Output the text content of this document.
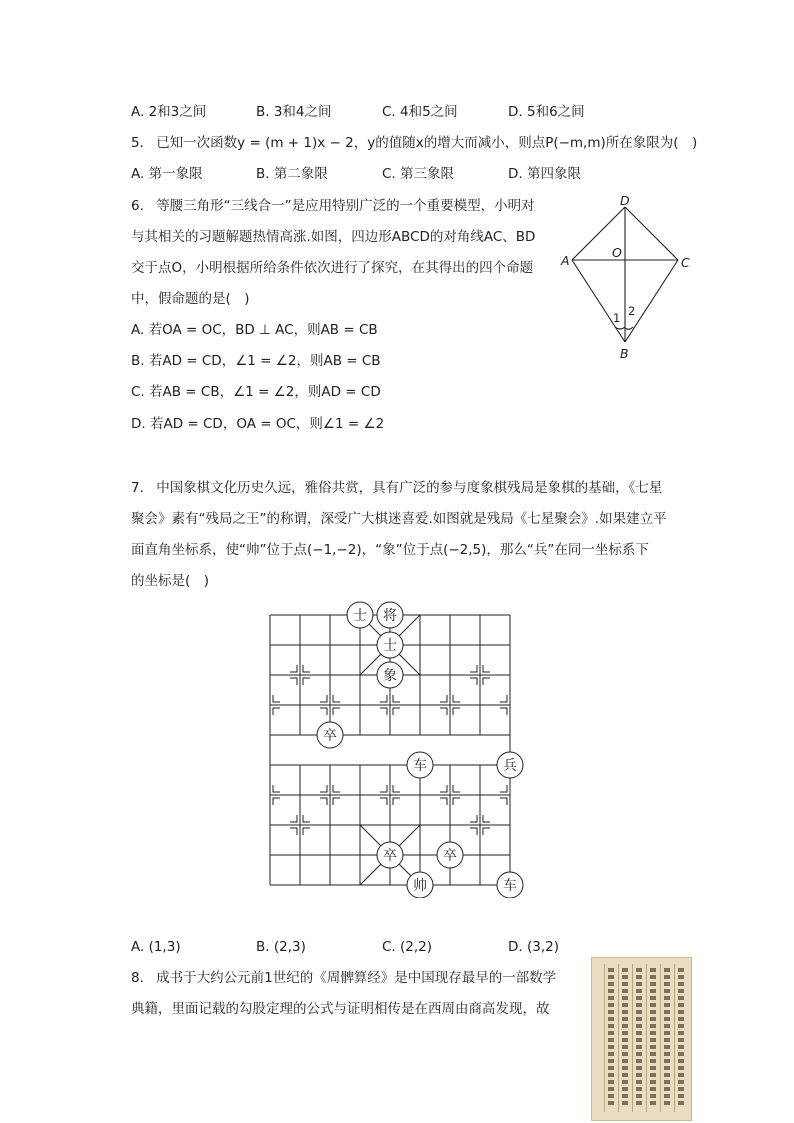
A. 2和3之间	B. 3和4之间	C. 4和5之间	D. 5和6之间
5. 已知一次函数y = (m + 1)x − 2，y的值随x的增大而减小，则点P(−m,m)所在象限为(　)
A. 第一象限	B. 第二象限	C. 第三象限	D. 第四象限
6. 等腰三角形“三线合一”是应用特别广泛的一个重要模型，小明对
与其相关的习题解题热情高涨.如图，四边形ABCD的对角线AC、BD
交于点O，小明根据所给条件依次进行了探究，在其得出的四个命题
中，假命题的是(　)
A. 若OA = OC，BD ⊥ AC，则AB = CB
B. 若AD = CD，∠1 = ∠2，则AB = CB
C. 若AB = CB，∠1 = ∠2，则AD = CD
D. 若AD = CD，OA = OC，则∠1 = ∠2
D
A	C
O
B
1 2
7. 中国象棋文化历史久远，雅俗共赏，具有广泛的参与度象棋残局是象棋的基础，《七星
聚会》素有“残局之王”的称谓，深受广大棋迷喜爱.如图就是残局《七星聚会》.如果建立平
面直角坐标系，使“帅”位于点(−1,−2)，“象”位于点(−2,5)，那么“兵”在同一坐标系下
的坐标是(　)
士 将
士
象
卒
车	兵
卒	卒
帅	车
A. (1,3)	B. (2,3)	C. (2,2)	D. (3,2)
8. 成书于大约公元前1世纪的《周髀算经》是中国现存最早的一部数学
典籍，里面记载的勾股定理的公式与证明相传是在西周由商高发现，故
